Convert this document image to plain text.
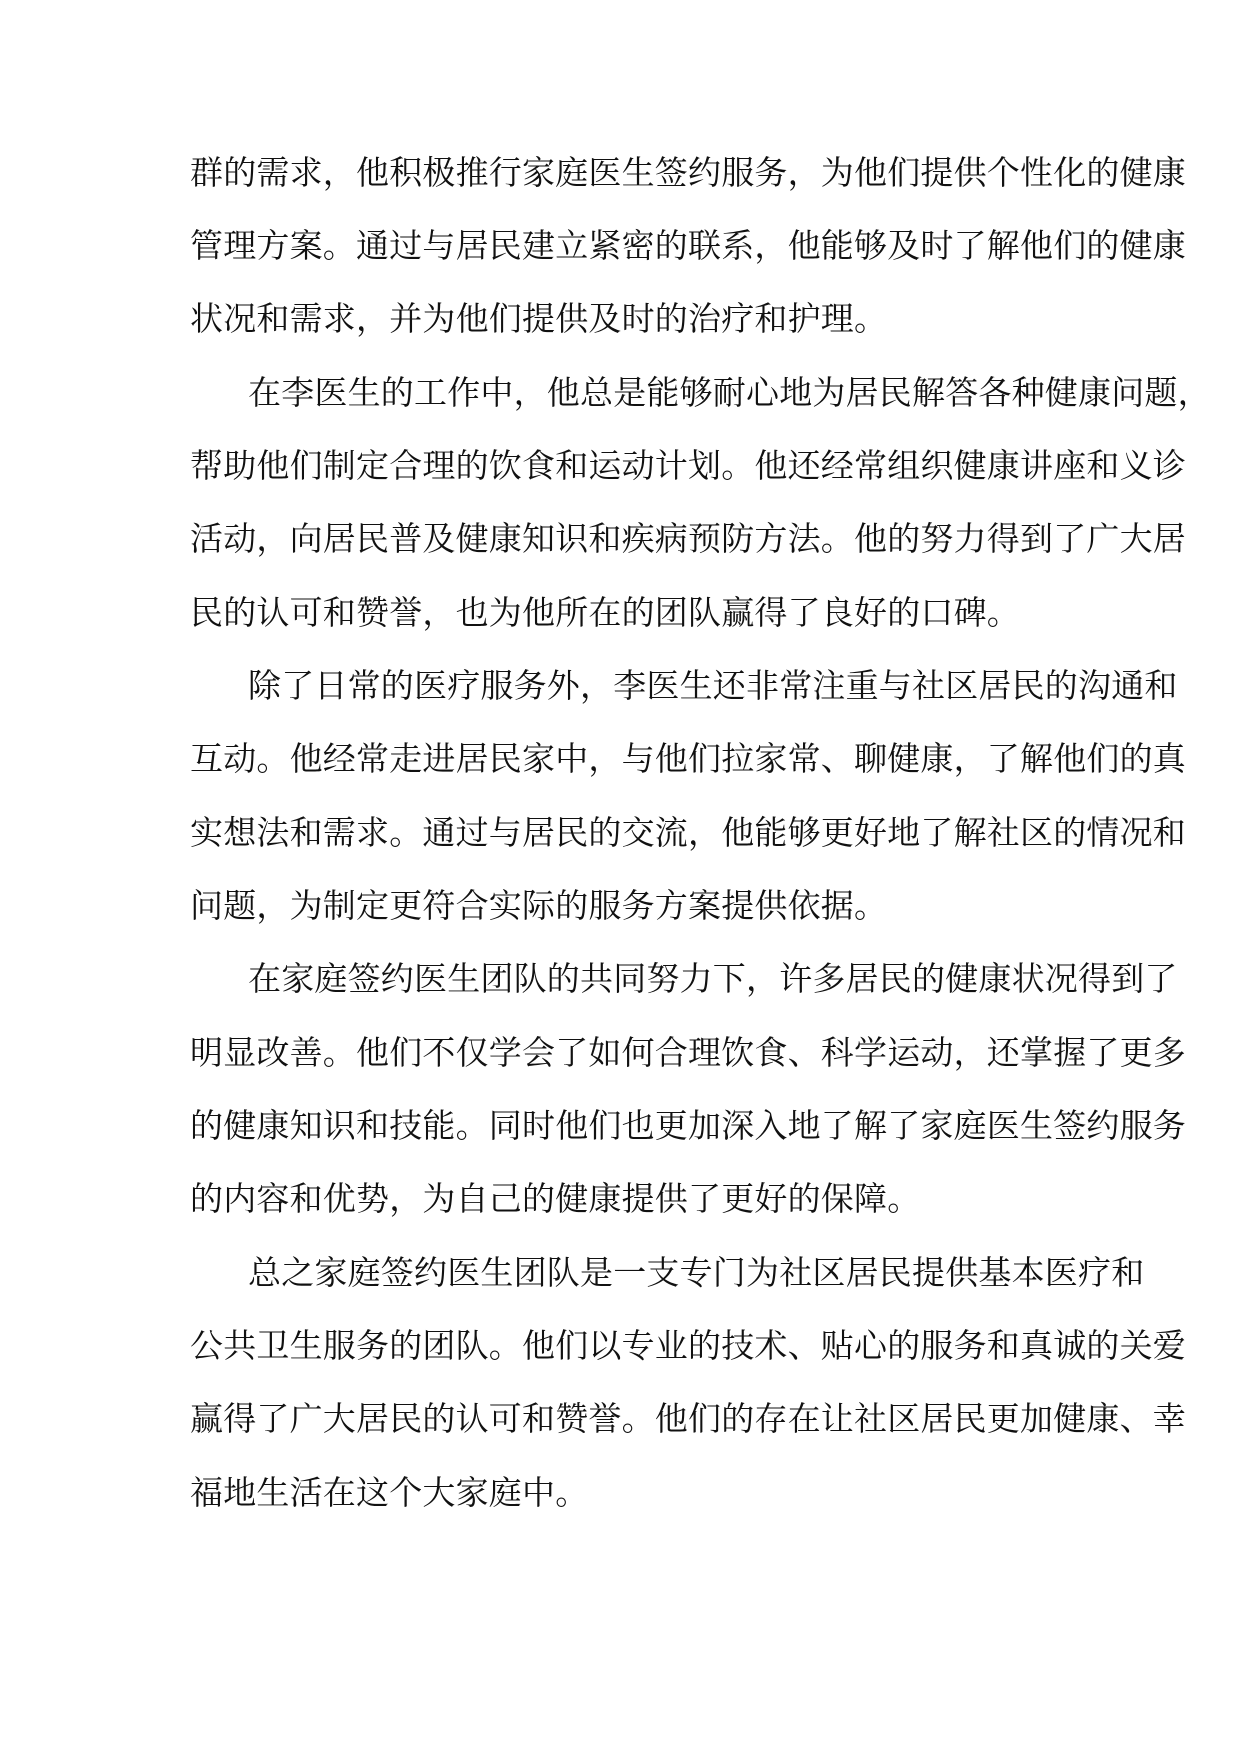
群的需求，他积极推行家庭医生签约服务，为他们提供个性化的健康
管理方案。通过与居民建立紧密的联系，他能够及时了解他们的健康
状况和需求，并为他们提供及时的治疗和护理。
在李医生的工作中，他总是能够耐心地为居民解答各种健康问题，
帮助他们制定合理的饮食和运动计划。他还经常组织健康讲座和义诊
活动，向居民普及健康知识和疾病预防方法。他的努力得到了广大居
民的认可和赞誉，也为他所在的团队赢得了良好的口碑。
除了日常的医疗服务外，李医生还非常注重与社区居民的沟通和
互动。他经常走进居民家中，与他们拉家常、聊健康，了解他们的真
实想法和需求。通过与居民的交流，他能够更好地了解社区的情况和
问题，为制定更符合实际的服务方案提供依据。
在家庭签约医生团队的共同努力下，许多居民的健康状况得到了
明显改善。他们不仅学会了如何合理饮食、科学运动，还掌握了更多
的健康知识和技能。同时他们也更加深入地了解了家庭医生签约服务
的内容和优势，为自己的健康提供了更好的保障。
总之家庭签约医生团队是一支专门为社区居民提供基本医疗和
公共卫生服务的团队。他们以专业的技术、贴心的服务和真诚的关爱
赢得了广大居民的认可和赞誉。他们的存在让社区居民更加健康、幸
福地生活在这个大家庭中。
